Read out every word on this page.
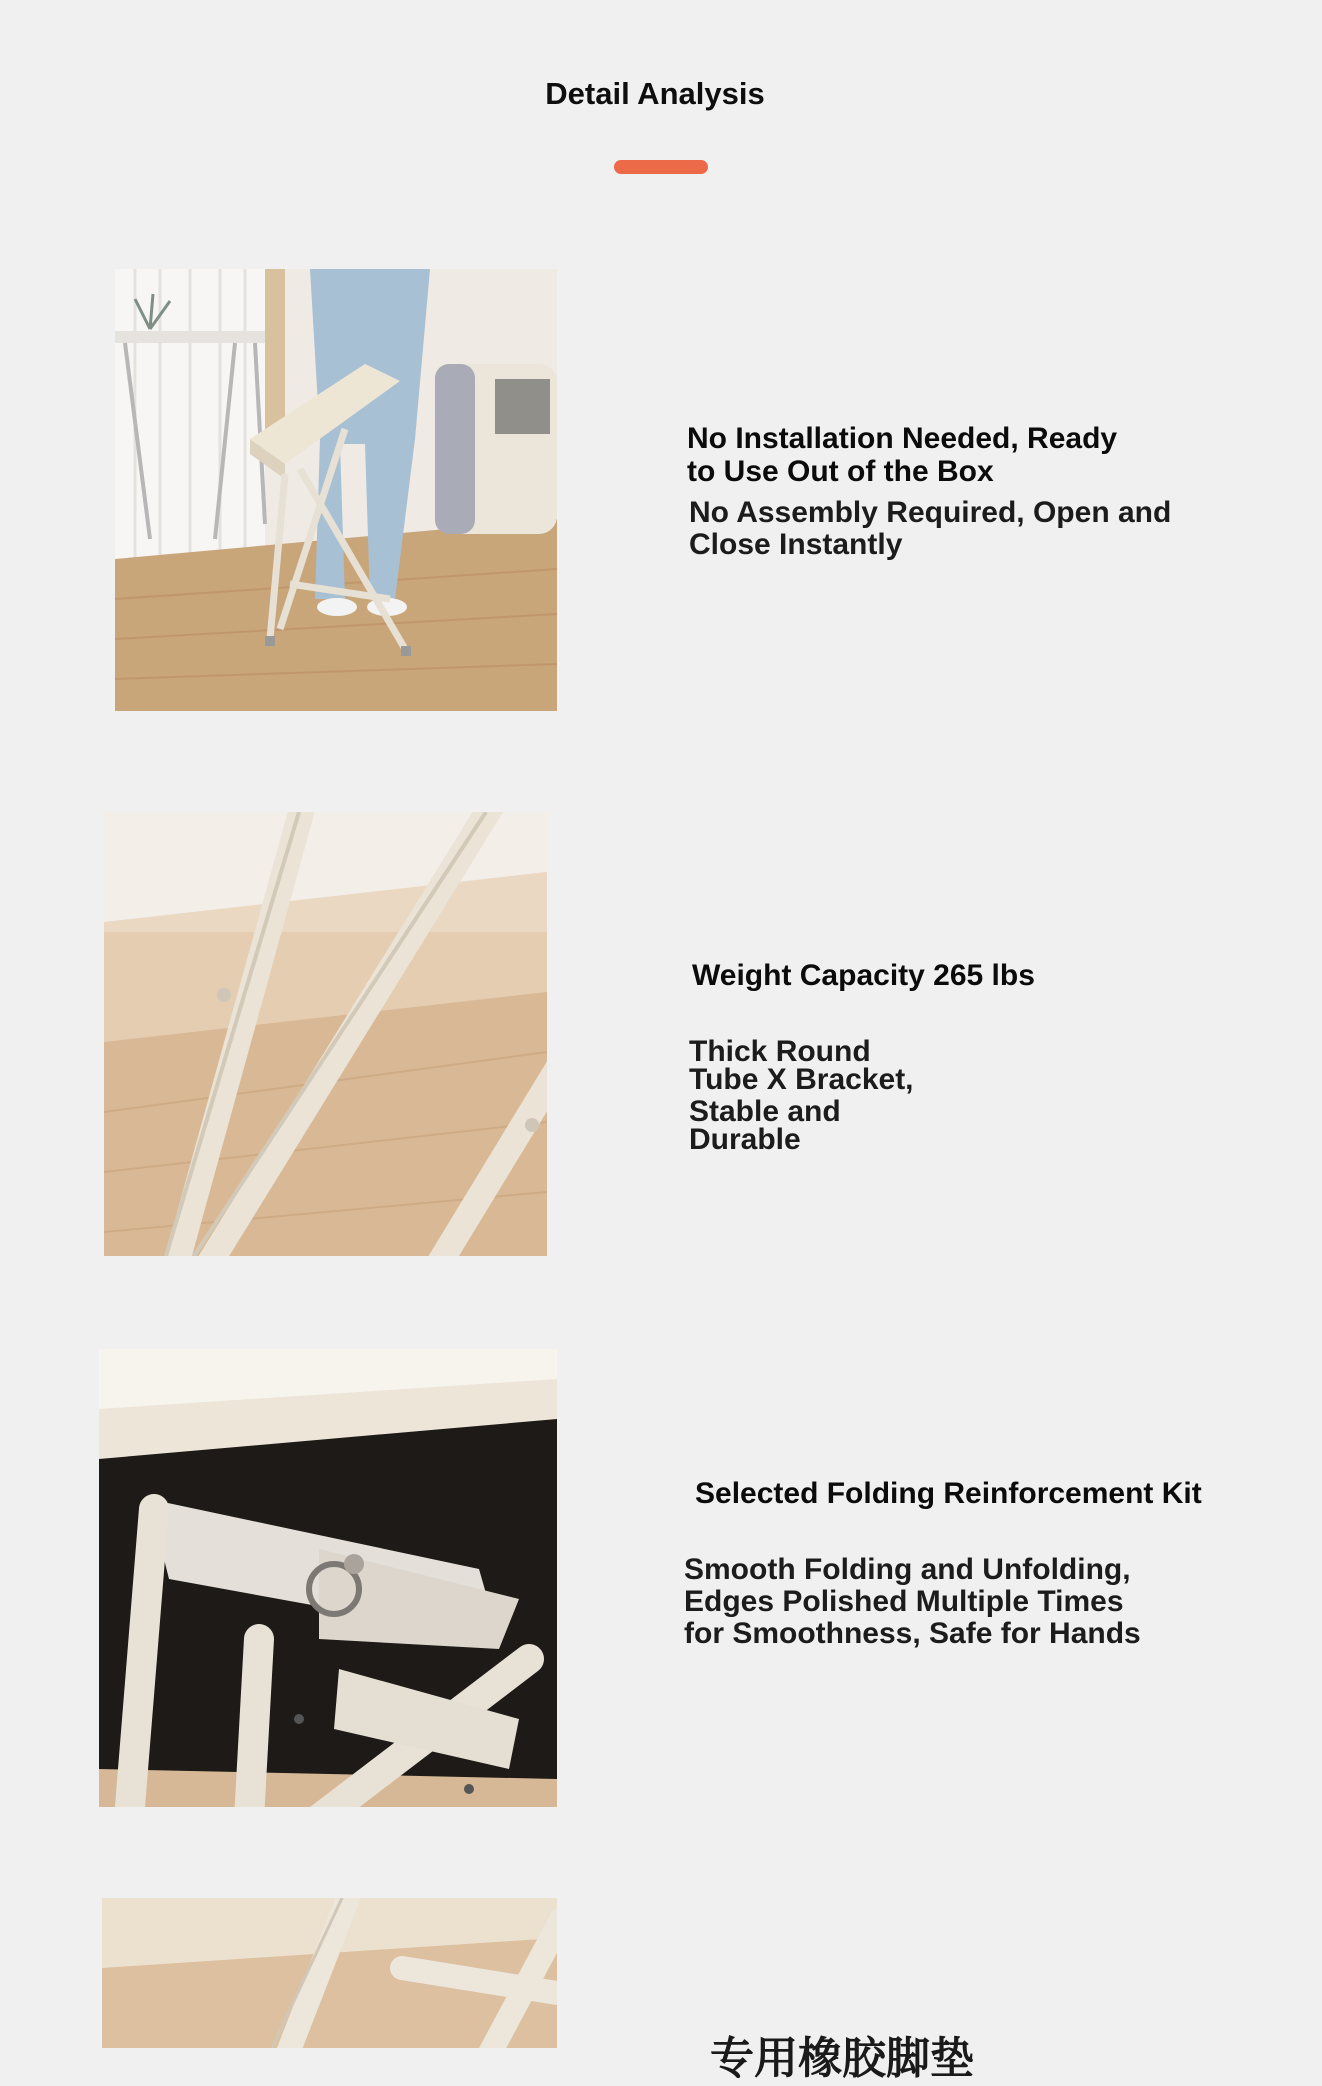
Detail Analysis
No Installation Needed, Ready
to Use Out of the Box
No Assembly Required, Open and
Close Instantly
Weight Capacity 265 lbs
Thick Round
Tube X Bracket,
Stable and
Durable
Selected Folding Reinforcement Kit
Smooth Folding and Unfolding,
Edges Polished Multiple Times
for Smoothness, Safe for Hands
专用橡胶脚垫
